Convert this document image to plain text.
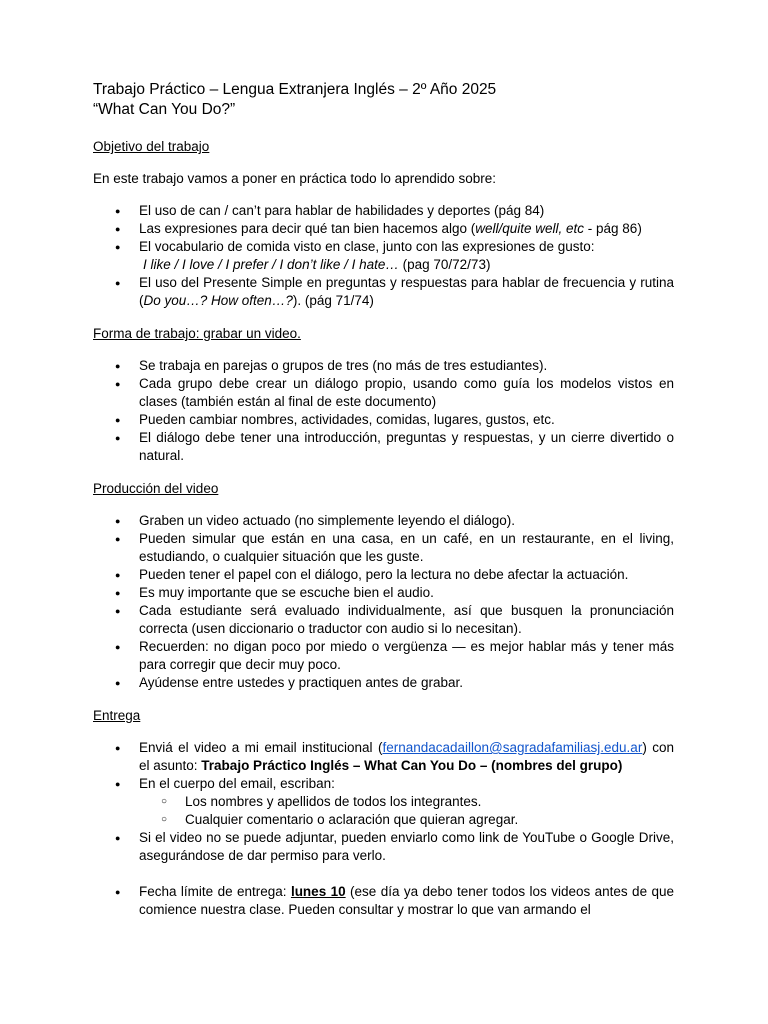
Trabajo Práctico – Lengua Extranjera Inglés – 2º Año 2025
“What Can You Do?”
Objetivo del trabajo

En este trabajo vamos a poner en práctica todo lo aprendido sobre:

● El uso de can / can’t para hablar de habilidades y deportes (pág 84)
● Las expresiones para decir qué tan bien hacemos algo (well/quite well, etc - pág 86)
● El vocabulario de comida visto en clase, junto con las expresiones de gusto:
I like / I love / I prefer / I don’t like / I hate… (pag 70/72/73)
● El uso del Presente Simple en preguntas y respuestas para hablar de frecuencia y rutina (Do you…? How often…?). (pág 71/74)
Forma de trabajo: grabar un video.
● Se trabaja en parejas o grupos de tres (no más de tres estudiantes).
● Cada grupo debe crear un diálogo propio, usando como guía los modelos vistos en clases (también están al final de este documento)
● Pueden cambiar nombres, actividades, comidas, lugares, gustos, etc.
● El diálogo debe tener una introducción, preguntas y respuestas, y un cierre divertido o natural.
Producción del video
● Graben un video actuado (no simplemente leyendo el diálogo).
● Pueden simular que están en una casa, en un café, en un restaurante, en el living, estudiando, o cualquier situación que les guste.
● Pueden tener el papel con el diálogo, pero la lectura no debe afectar la actuación.
● Es muy importante que se escuche bien el audio.
● Cada estudiante será evaluado individualmente, así que busquen la pronunciación correcta (usen diccionario o traductor con audio si lo necesitan).
● Recuerden: no digan poco por miedo o vergüenza — es mejor hablar más y tener más para corregir que decir muy poco.
● Ayúdense entre ustedes y practiquen antes de grabar.
Entrega
● Enviá el video a mi email institucional (fernandacadaillon@sagradafamiliasj.edu.ar) con el asunto: Trabajo Práctico Inglés – What Can You Do – (nombres del grupo)
● En el cuerpo del email, escriban:
○ Los nombres y apellidos de todos los integrantes.
○ Cualquier comentario o aclaración que quieran agregar.
● Si el video no se puede adjuntar, pueden enviarlo como link de YouTube o Google Drive, asegurándose de dar permiso para verlo.
● Fecha límite de entrega: lunes 10 (ese día ya debo tener todos los videos antes de que comience nuestra clase. Pueden consultar y mostrar lo que van armando el
